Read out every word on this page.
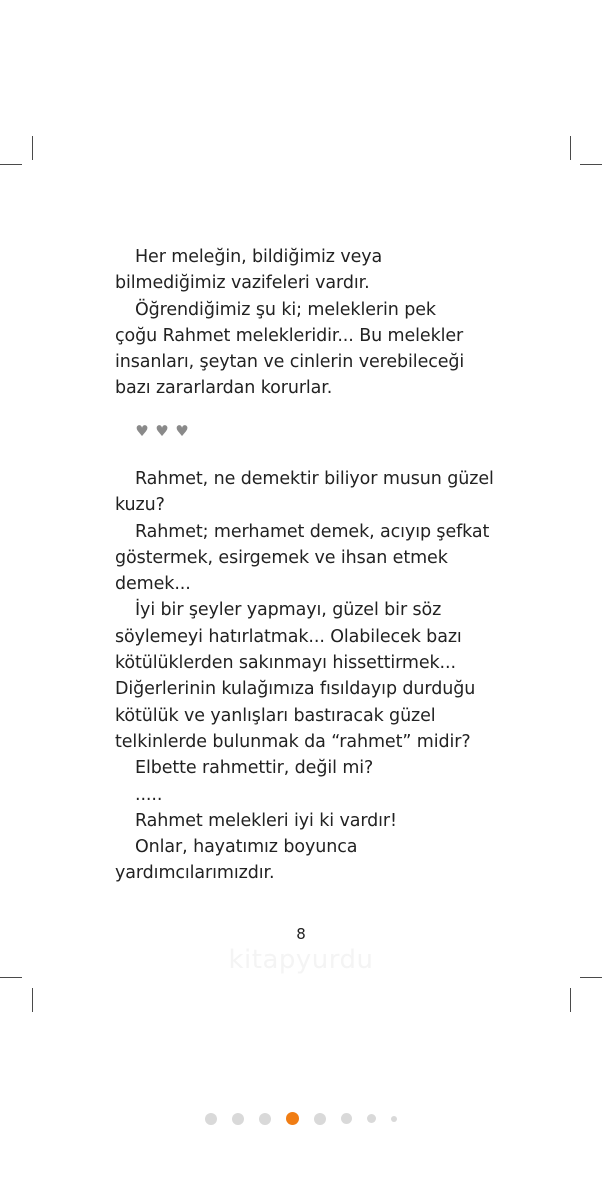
Her meleğin, bildiğimiz veya
bilmediğimiz vazifeleri vardır.
Öğrendiğimiz şu ki; meleklerin pek
çoğu Rahmet melekleridir... Bu melekler
insanları, şeytan ve cinlerin verebileceği
bazı zararlardan korurlar.
♥ ♥ ♥
Rahmet, ne demektir biliyor musun güzel
kuzu?
Rahmet; merhamet demek, acıyıp şefkat
göstermek, esirgemek ve ihsan etmek
demek...
İyi bir şeyler yapmayı, güzel bir söz
söylemeyi hatırlatmak... Olabilecek bazı
kötülüklerden sakınmayı hissettirmek...
Diğerlerinin kulağımıza fısıldayıp durduğu
kötülük ve yanlışları bastıracak güzel
telkinlerde bulunmak da “rahmet” midir?
Elbette rahmettir, değil mi?
.....
Rahmet melekleri iyi ki vardır!
Onlar, hayatımız boyunca
yardımcılarımızdır.
8
kitapyurdu
